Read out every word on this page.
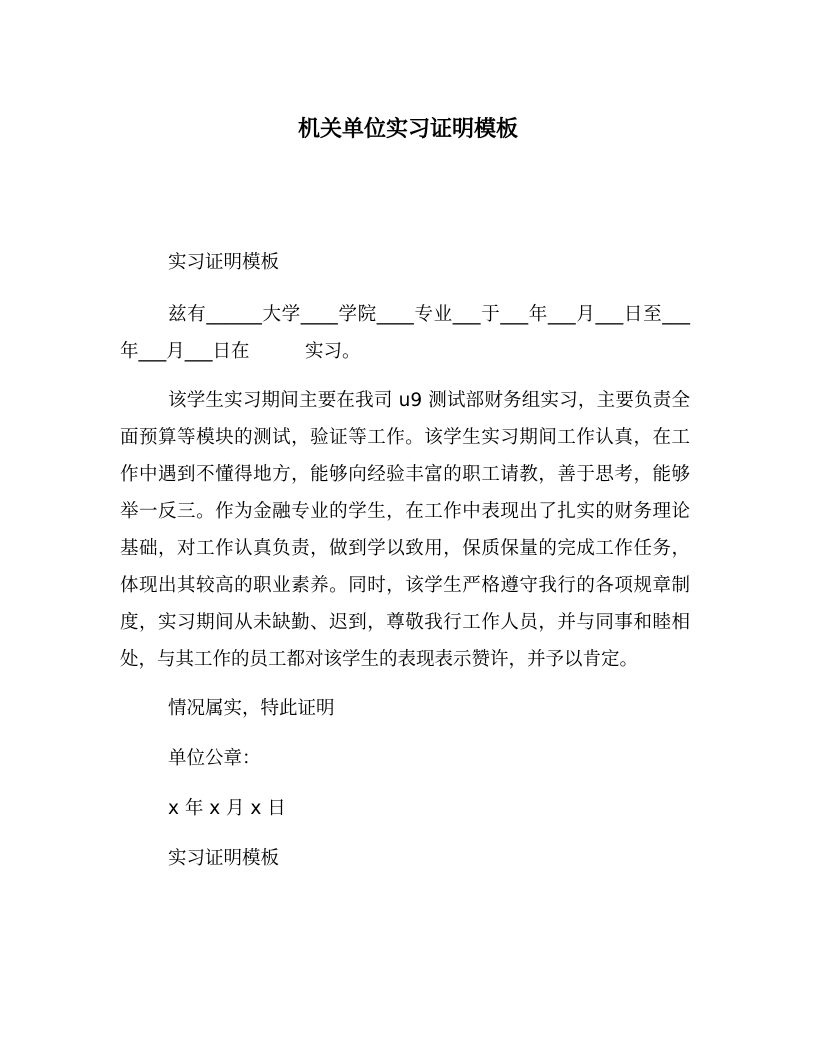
机关单位实习证明模板

实习证明模板

兹有______大学____学院____专业___于___年___月___日至___年___月___日在　　　实习。

该学生实习期间主要在我司 u9 测试部财务组实习，主要负责全面预算等模块的测试，验证等工作。该学生实习期间工作认真，在工作中遇到不懂得地方，能够向经验丰富的职工请教，善于思考，能够举一反三。作为金融专业的学生，在工作中表现出了扎实的财务理论基础，对工作认真负责，做到学以致用，保质保量的完成工作任务，体现出其较高的职业素养。同时，该学生严格遵守我行的各项规章制度，实习期间从未缺勤、迟到，尊敬我行工作人员，并与同事和睦相处，与其工作的员工都对该学生的表现表示赞许，并予以肯定。

情况属实，特此证明

单位公章：

x 年 x 月 x 日

实习证明模板
